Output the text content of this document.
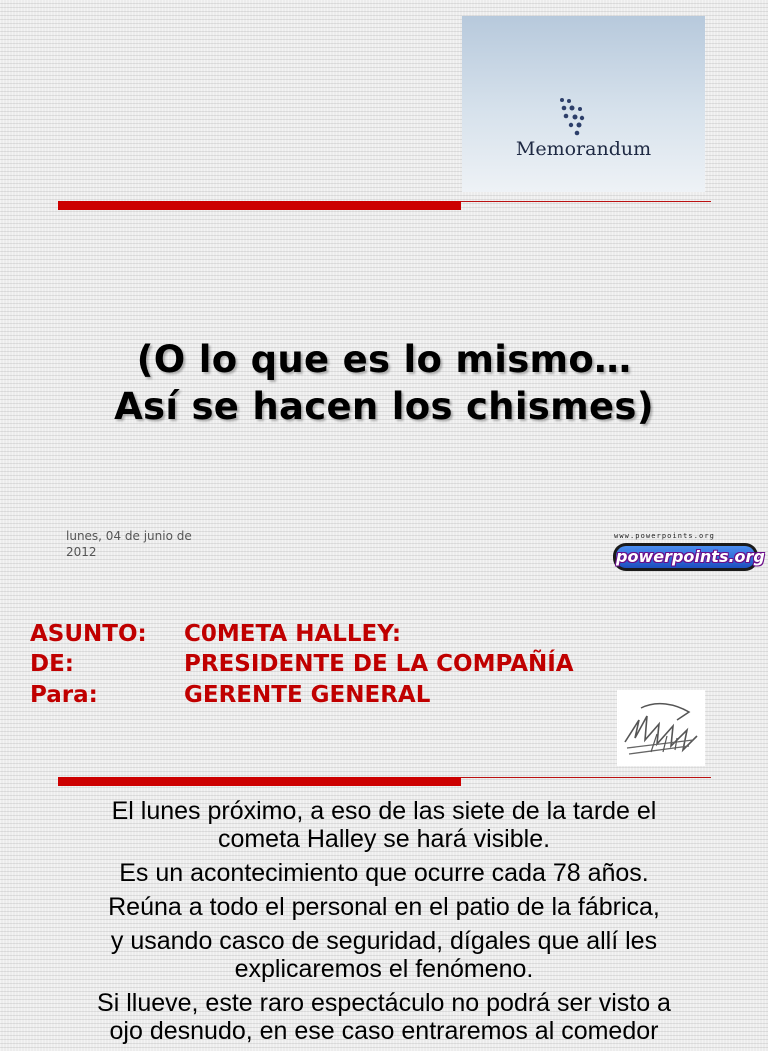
Memorandum
(O lo que es lo mismo…
Así se hacen los chismes)
lunes, 04 de junio de
2012
www.powerpoints.org
powerpoints.org
ASUNTO: C0META HALLEY:
DE:	PRESIDENTE DE LA COMPAÑÍA
Para:	GERENTE GENERAL

El lunes próximo, a eso de las siete de la tarde el
cometa Halley se hará visible.

Es un acontecimiento que ocurre cada 78 años.

Reúna a todo el personal en el patio de la fábrica,

y usando casco de seguridad, dígales que allí les
explicaremos el fenómeno.

Si llueve, este raro espectáculo no podrá ser visto a
ojo desnudo, en ese caso entraremos al comedor
